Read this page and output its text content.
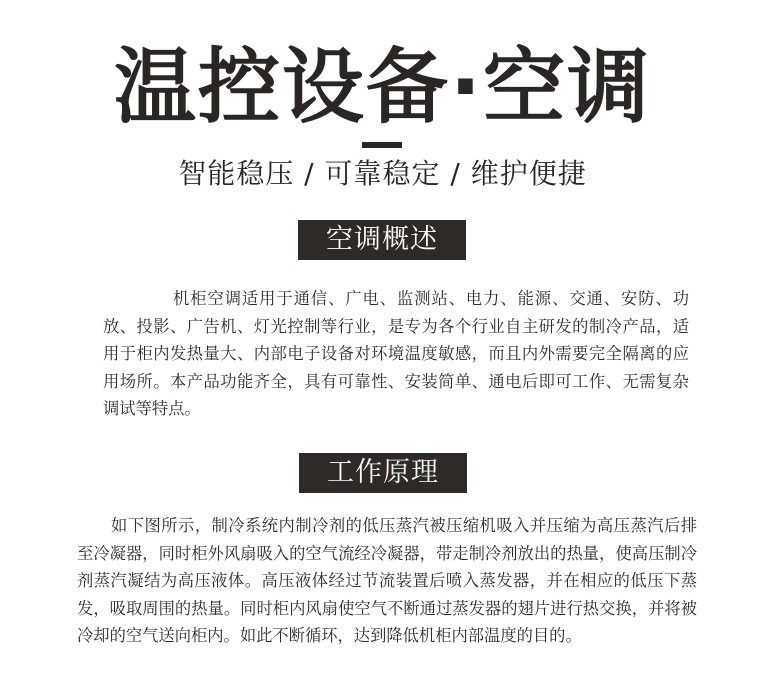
温控设备·空调
智能稳压 / 可靠稳定 / 维护便捷
空调概述

机柜空调适用于通信、广电、监测站、电力、能源、交通、安防、功放、投影、广告机、灯光控制等行业，是专为各个行业自主研发的制冷产品，适用于柜内发热量大、内部电子设备对环境温度敏感，而且内外需要完全隔离的应用场所。本产品功能齐全，具有可靠性、安装简单、通电后即可工作、无需复杂调试等特点。

工作原理

如下图所示，制冷系统内制冷剂的低压蒸汽被压缩机吸入并压缩为高压蒸汽后排至冷凝器，同时柜外风扇吸入的空气流经冷凝器，带走制冷剂放出的热量，使高压制冷剂蒸汽凝结为高压液体。高压液体经过节流装置后喷入蒸发器，并在相应的低压下蒸发，吸取周围的热量。同时柜内风扇使空气不断通过蒸发器的翅片进行热交换，并将被冷却的空气送向柜内。如此不断循环，达到降低机柜内部温度的目的。
